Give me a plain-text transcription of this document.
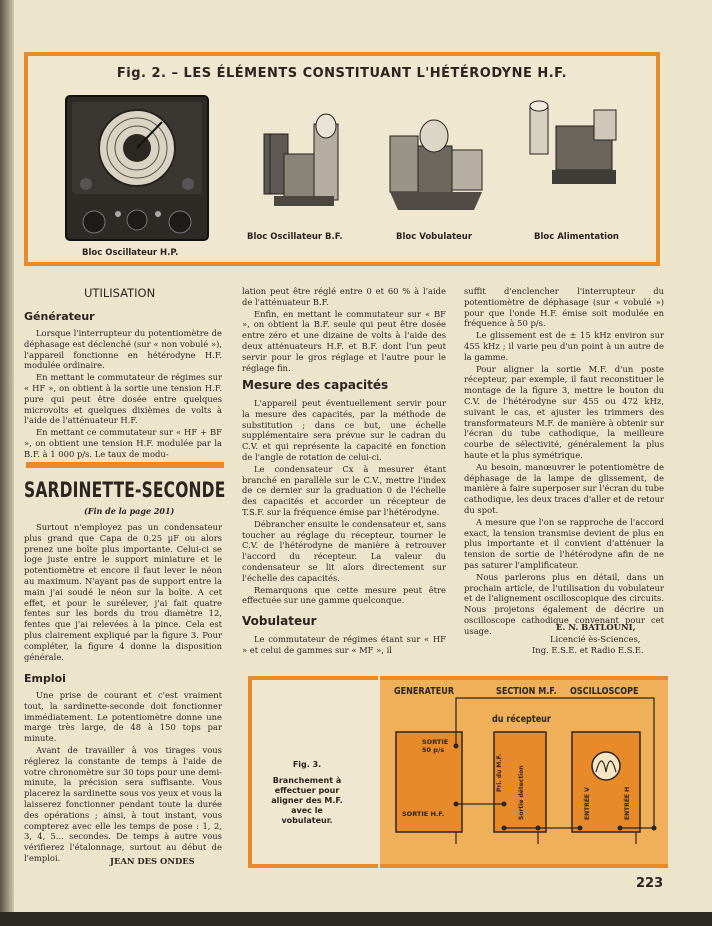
Fig. 2. – LES ÉLÉMENTS CONSTITUANT L'HÉTÉRODYNE H.F.
Bloc Oscillateur H.P.
Bloc Oscillateur B.F.	Bloc Vobulateur	Bloc Alimentation
UTILISATION
Générateur

Lorsque l'interrupteur du potentiomètre de déphasage est déclenché (sur « non vobulé »), l'appareil fonctionne en hétérodyne H.F. modulée ordinaire.

En mettant le commutateur de régimes sur « HF », on obtient à la sortie une tension H.F. pure qui peut être dosée entre quelques microvolts et quelques dixièmes de volts à l'aide de l'atténuateur H.F.

En mettant ce commutateur sur « HF + BF », on obtient une tension H.F. modulée par la B.F. à 1 000 p/s. Le taux de modu-

SARDINETTE-SECONDE
(Fin de la page 201)

Surtout n'employez pas un condensateur plus grand que Capa de 0,25 µF ou alors prenez une boîte plus importante. Celui-ci se loge juste entre le support miniature et le potentiomètre et encore il faut lever le néon au maximum. N'ayant pas de support entre la main j'ai soudé le néon sur la boîte. A cet effet, et pour le surélever, j'ai fait quatre fentes sur les bords du trou diamètre 12, fentes que j'ai relevées à la pince. Cela est plus clairement expliqué par la figure 3. Pour compléter, la figure 4 donne la disposition générale.

Emploi

Une prise de courant et c'est vraiment tout, la sardinette-seconde doit fonctionner immédiatement. Le potentiomètre donne une marge très large, de 48 à 150 tops par minute.

Avant de travailler à vos tirages vous réglerez la constante de temps à l'aide de votre chronomètre sur 30 tops pour une demi-minute, la précision sera suffisante. Vous placerez la sardinette sous vos yeux et vous la laisserez fonctionner pendant toute la durée des opérations ; ainsi, à tout instant, vous compterez avec elle les temps de pose : 1, 2, 3, 4, 5... secondes. De temps à autre vous vérifierez l'étalonnage, surtout au début de l'emploi.	JEAN DES ONDES

lation peut être réglé entre 0 et 60 % à l'aide de l'atténuateur B.F.

Enfin, en mettant le commutateur sur « BF », on obtient la B.F. seule qui peut être dosée entre zéro et une dizaine de volts à l'aide des deux atténuateurs H.F. et B.F. dont l'un peut servir pour le gros réglage et l'autre pour le réglage fin.

Mesure des capacités

L'appareil peut éventuellement servir pour la mesure des capacités, par la méthode de substitution ; dans ce but, une échelle supplémentaire sera prévue sur le cadran du C.V. et qui représente la capacité en fonction de l'angle de rotation de celui-ci.

Le condensateur Cx à mesurer étant branché en parallèle sur le C.V., mettre l'index de ce dernier sur la graduation 0 de l'échelle des capacités et accorder un récepteur de T.S.F. sur la fréquence émise par l'hétérodyne.

Débrancher ensuite le condensateur et, sans toucher au réglage du récepteur, tourner le C.V. de l'hétérodyne de manière à retrouver l'accord du récepteur. La valeur du condensateur se lit alors directement sur l'échelle des capacités.

Remarquons que cette mesure peut être effectuée sur une gamme quelconque.

Vobulateur

Le commutateur de régimes étant sur « HF » et celui de gammes sur « MF », il

suffit d'enclencher l'interrupteur du potentiomètre de déphasage (sur « vobulé ») pour que l'onde H.F. émise soit modulée en fréquence à 50 p/s.

Le glissement est de ± 15 kHz environ sur 455 kHz ; il varie peu d'un point à un autre de la gamme.

Pour aligner la sortie M.F. d'un poste récepteur, par exemple, il faut reconstituer le montage de la figure 3, mettre le bouton du C.V. de l'hétérodyne sur 455 ou 472 kHz, suivant le cas, et ajuster les trimmers des transformateurs M.F. de manière à obtenir sur l'écran du tube cathodique, la meilleure courbe de sélectivité, généralement la plus haute et la plus symétrique.

Au besoin, manœuvrer le potentiomètre de déphasage de la lampe de glissement, de manière à faire superposer sur l'écran du tube cathodique, les deux traces d'aller et de retour du spot.

A mesure que l'on se rapproche de l'accord exact, la tension transmise devient de plus en plus importante et il convient d'atténuer la tension de sortie de l'hétérodyne afin de ne pas saturer l'amplificateur.

Nous parlerons plus en détail, dans un prochain article, de l'utilisation du vobulateur et de l'alignement oscilloscopique des circuits. Nous projetons également de décrire un oscilloscope cathodique convenant pour cet usage.	E. N. BATLOUNI,
Licencié ès-Sciences,
Ing. E.S.E. et Radio E.S.E.
Fig. 3.
Branchement à effectuer pour aligner des M.F. avec le vobulateur.
GENERATEUR	SECTION M.F. OSCILLOSCOPE
du récepteur
SORTIE
50 p/s
SORTIE H.F.
Pri. du M.F.	Sortie détection	ENTRÉE V	ENTRÉE H
223
